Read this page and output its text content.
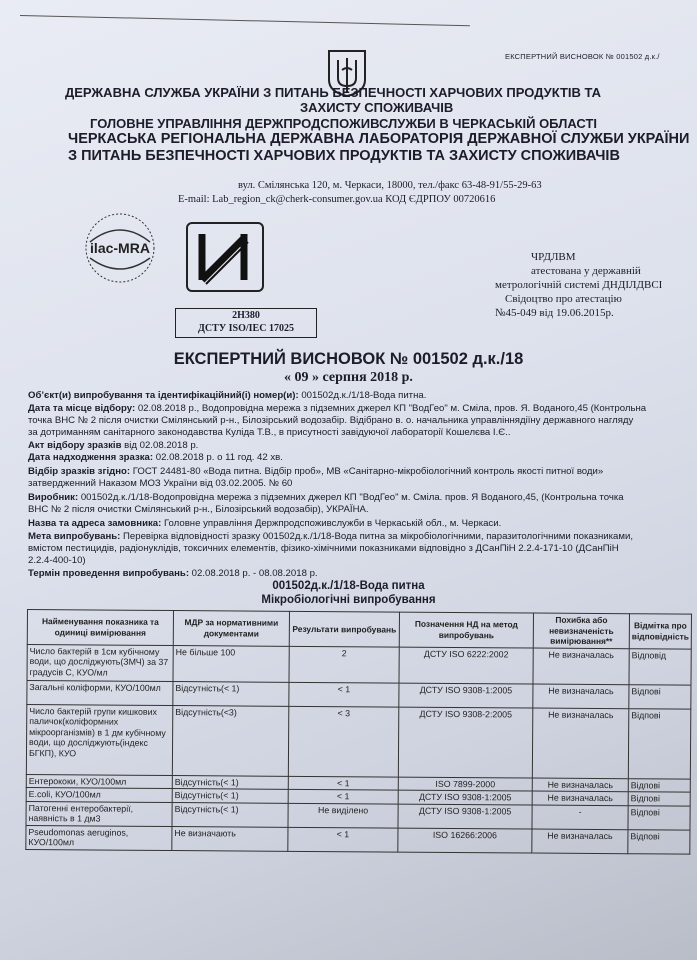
ЕКСПЕРТНИЙ ВИСНОВОК № 001502 д.к./
ДЕРЖАВНА СЛУЖБА УКРАЇНИ З ПИТАНЬ БЕЗПЕЧНОСТІ ХАРЧОВИХ ПРОДУКТІВ ТА
ЗАХИСТУ СПОЖИВАЧІВ
ГОЛОВНЕ УПРАВЛІННЯ ДЕРЖПРОДСПОЖИВСЛУЖБИ В ЧЕРКАСЬКІЙ ОБЛАСТІ
ЧЕРКАСЬКА РЕГІОНАЛЬНА ДЕРЖАВНА ЛАБОРАТОРІЯ ДЕРЖАВНОЇ СЛУЖБИ УКРАЇНИ
З ПИТАНЬ БЕЗПЕЧНОСТІ ХАРЧОВИХ ПРОДУКТІВ ТА ЗАХИСТУ СПОЖИВАЧІВ
вул. Смілянська 120, м. Черкаси, 18000, тел./факс 63-48-91/55-29-63
E-mail: Lab_region_ck@cherk-consumer.gov.ua КОД ЄДРПОУ 00720616
ilac-MRA
2Н380
ДСТУ ISO/IEC 17025
ЧРДЛВМ
атестована у державній
метрологічній системі ДНДІЛДВСІ
Свідоцтво про атестацію
№45-049 від 19.06.2015р.
ЕКСПЕРТНИЙ ВИСНОВОК № 001502 д.к./18
« 09 » серпня 2018 р.
Об’єкт(и) випробування та ідентифікаційний(і) номер(и): 001502д.к./1/18-Вода питна.
Дата та місце відбору: 02.08.2018 р., Водопровідна мережа з підземних джерел КП "ВодГео" м. Сміла, пров. Я. Воданого,45 (Контрольна
точка ВНС № 2 після очистки Смілянський р-н., Білозірський водозабір. Відібрано в. о. начальника управліннядіїну державного нагляду
за дотриманням санітарного законодавства Кулідa Т.В., в присутності завідуючої лабораторії Кошелєва І.Є..
Акт відбору зразків від 02.08.2018 р.
Дата надходження зразка: 02.08.2018 р. о 11 год. 42 хв.
Відбір зразків згідно: ГОСТ 24481-80 «Вода питна. Відбір проб», МВ «Санітарно-мікробіологічний контроль якості питної води»
затвердженний Наказом МОЗ України від 03.02.2005. № 60
Виробник: 001502д.к./1/18-Водопровідна мережа з підземних джерел КП "ВодГео" м. Сміла. пров. Я Воданого,45, (Контрольна точка
ВНС № 2 після очистки Смілянський р-н., Білозірський водозабір), УКРАЇНА.
Назва та адреса замовника: Головне управління Держпродспоживслужби в Черкаській обл., м. Черкаси.
Мета випробувань: Перевірка відповідності зразку 001502д.к./1/18-Вода питна за мікробіологічними, паразитологічними показниками,
вмістом пестицидів, радіонуклідів, токсичних елементів, фізико-хімічними показниками відповідно з ДСанПіН 2.2.4-171-10 (ДСанПіН
2.2.4-400-10)
Термін проведення випробувань: 02.08.2018 р. - 08.08.2018 р.
001502д.к./1/18-Вода питна
Мікробіологічні випробування
Найменування показника та одиниці вимірювання	МДР за нормативними документами	Результати випробувань	Позначення НД на метод випробувань	Похибка або невизначеність вимірювання**	Відмітка про відповідність
Число бактерій в 1см кубічному води, що досліджують(ЗМЧ) за 37 градусів С, КУО/мл	Не більше 100	2	ДСТУ ISO 6222:2002	Не визначалась	Відповід
Загальні коліформи, КУО/100мл	Відсутність(< 1)	< 1	ДСТУ ISO 9308-1:2005	Не визначалась	Відпові
Число бактерій групи кишкових паличок(коліформних мікроорганізмів) в 1 дм кубічному води, що досліджують(індекс БГКП), КУО	Відсутність(<3)	< 3	ДСТУ ISO 9308-2:2005	Не визначалась	Відпові
Ентерококи, КУО/100мл	Відсутність(< 1)	< 1	ISO 7899-2000	Не визначалась	Відпові
E.coli, КУО/100мл	Відсутність(< 1)	< 1	ДСТУ ISO 9308-1:2005	Не визначалась	Відпові
Патогенні ентеробактерії, наявність в 1 дм3	Відсутність(< 1)	Не виділено	ДСТУ ISO 9308-1:2005	-	Відпові
Pseudomonas aeruginos, КУО/100мл	Не визначають	< 1	ISO 16266:2006	Не визначалась	Відпові
